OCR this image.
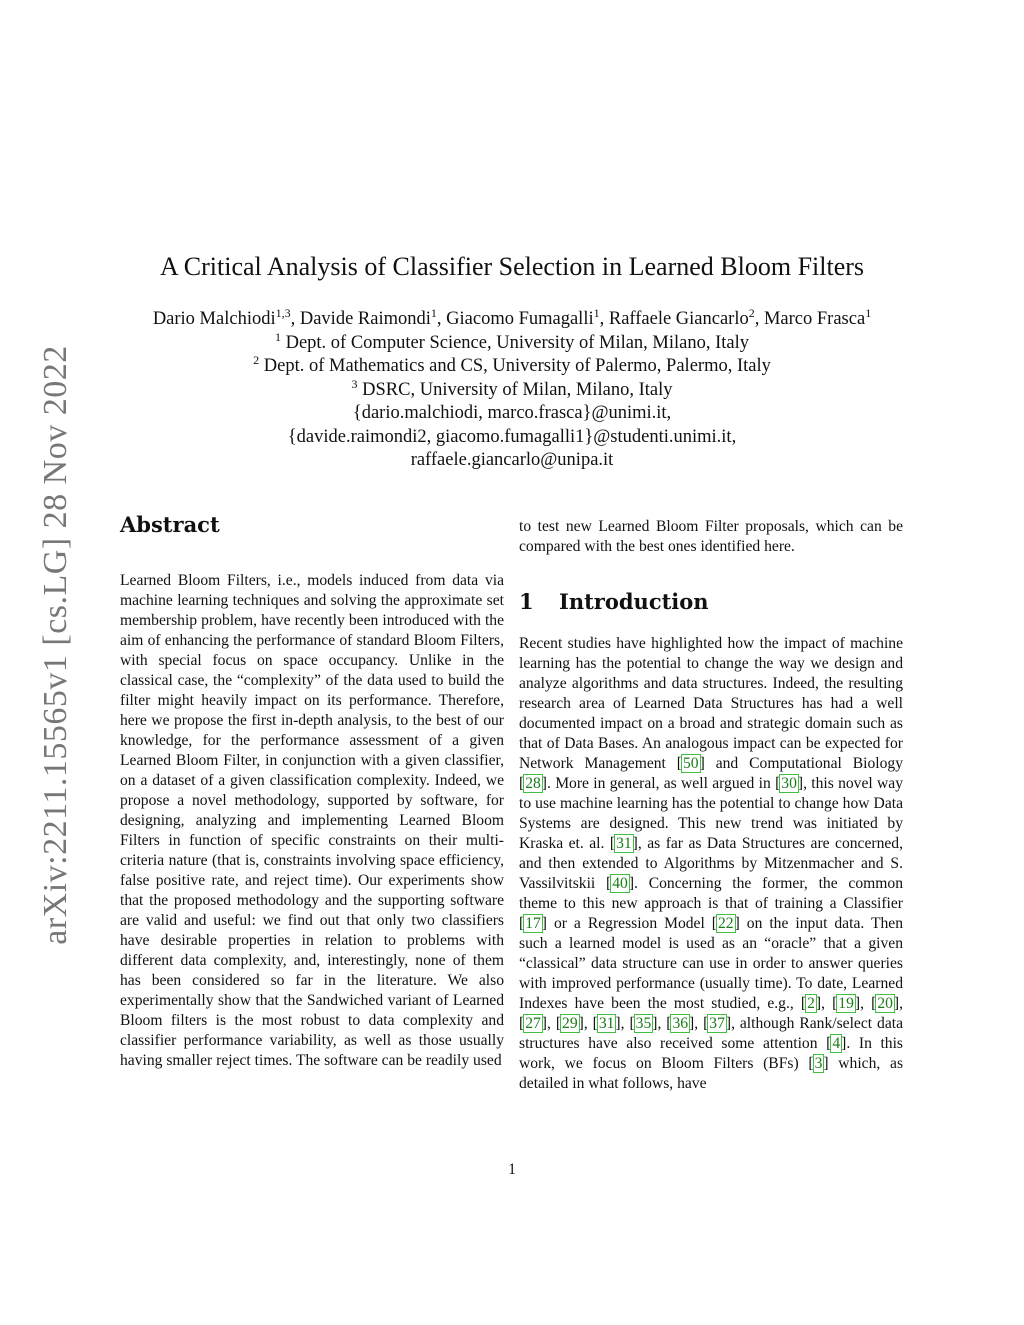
arXiv:2211.15565v1 [cs.LG] 28 Nov 2022
A Critical Analysis of Classifier Selection in Learned Bloom Filters
Dario Malchiodi$^{1,3}$, Davide Raimondi$^1$, Giacomo Fumagalli$^1$, Raffaele Giancarlo$^2$, Marco Frasca$^1$
$^1$ Dept. of Computer Science, University of Milan, Milano, Italy
$^2$ Dept. of Mathematics and CS, University of Palermo, Palermo, Italy
$^3$ DSRC, University of Milan, Milano, Italy
{dario.malchiodi, marco.frasca}@unimi.it,
{davide.raimondi2, giacomo.fumagalli1}@studenti.unimi.it,
raffaele.giancarlo@unipa.it
Abstract

Learned Bloom Filters, i.e., models induced from data via machine learning techniques and solving the approximate set membership problem, have recently been introduced with the aim of enhancing the performance of standard Bloom Filters, with special focus on space occupancy. Unlike in the classical case, the “complexity” of the data used to build the filter might heavily impact on its performance. Therefore, here we propose the first in-depth analysis, to the best of our knowledge, for the performance assessment of a given Learned Bloom Filter, in conjunction with a given classifier, on a dataset of a given classification complexity. Indeed, we propose a novel methodology, supported by software, for designing, analyzing and implementing Learned Bloom Filters in function of specific constraints on their multi-criteria nature (that is, constraints involving space efficiency, false positive rate, and reject time). Our experiments show that the proposed methodology and the supporting software are valid and useful: we find out that only two classifiers have desirable properties in relation to problems with different data complexity, and, interestingly, none of them has been considered so far in the literature. We also experimentally show that the Sandwiched variant of Learned Bloom filters is the most robust to data complexity and classifier performance variability, as well as those usually having smaller reject times. The software can be readily used

to test new Learned Bloom Filter proposals, which can be compared with the best ones identified here.

1 Introduction

Recent studies have highlighted how the impact of machine learning has the potential to change the way we design and analyze algorithms and data structures. Indeed, the resulting research area of Learned Data Structures has had a well documented impact on a broad and strategic domain such as that of Data Bases. An analogous impact can be expected for Network Management [50] and Computational Biology [28]. More in general, as well argued in [30], this novel way to use machine learning has the potential to change how Data Systems are designed. This new trend was initiated by Kraska et. al. [31], as far as Data Structures are concerned, and then extended to Algorithms by Mitzenmacher and S. Vassilvitskii [40]. Concerning the former, the common theme to this new approach is that of training a Classifier [17] or a Regression Model [22] on the input data. Then such a learned model is used as an “oracle” that a given “classical” data structure can use in order to answer queries with improved performance (usually time). To date, Learned Indexes have been the most studied, e.g., [2], [19], [20], [27], [29], [31], [35], [36], [37], although Rank/select data structures have also received some attention [4]. In this work, we focus on Bloom Filters (BFs) [3] which, as detailed in what follows, have

1
